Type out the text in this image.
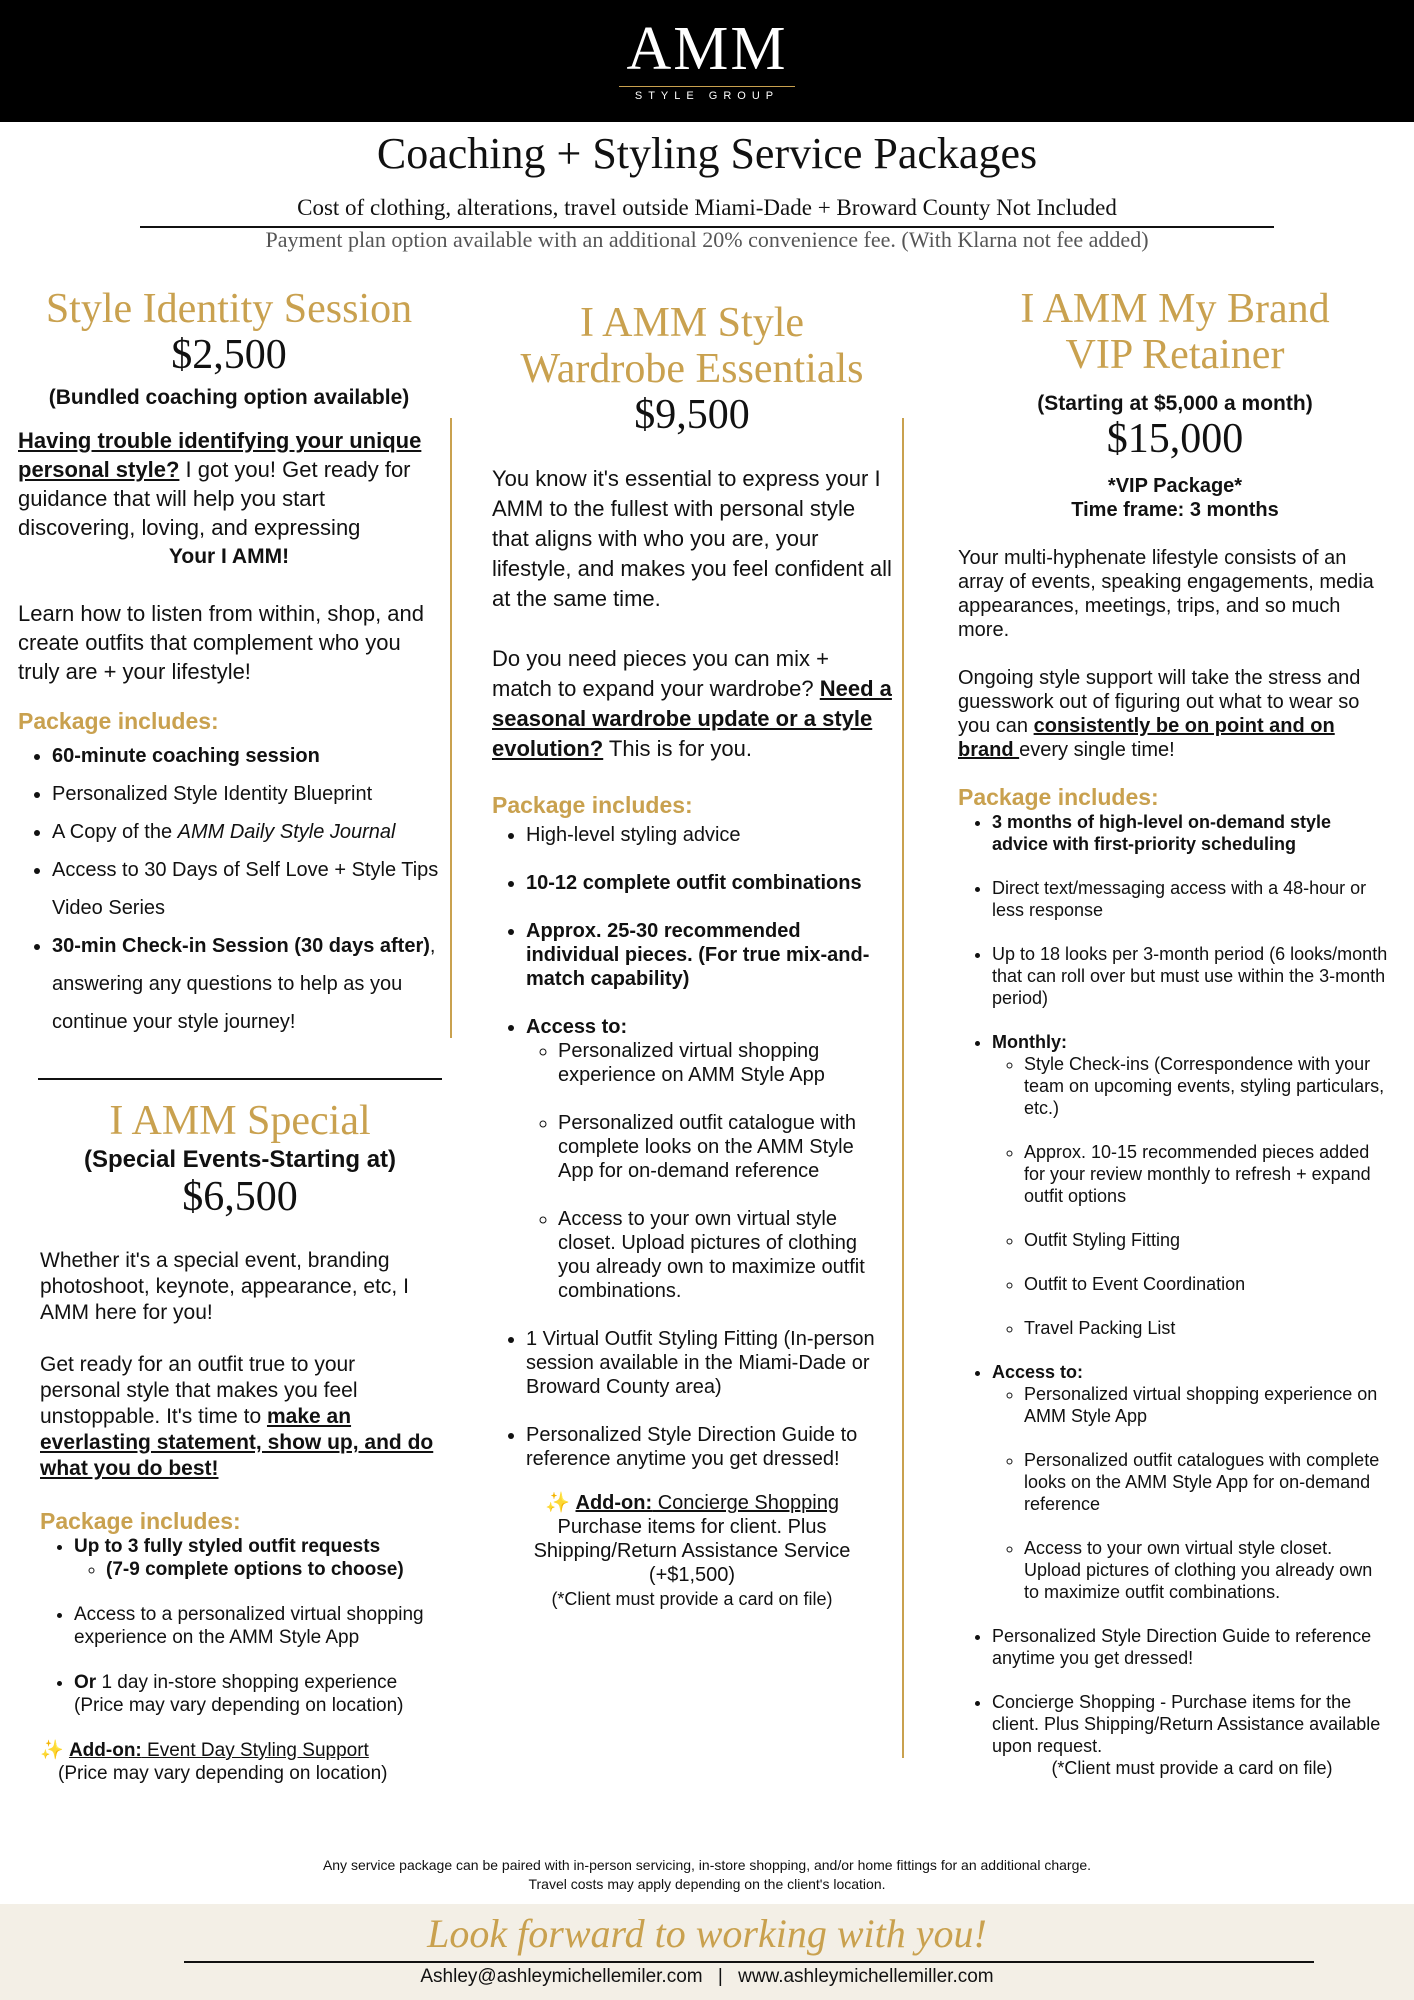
AMM
STYLE GROUP
Coaching + Styling Service Packages
Cost of clothing, alterations, travel outside Miami-Dade + Broward County Not Included
Payment plan option available with an additional 20% convenience fee. (With Klarna not fee added)
Style Identity Session
$2,500
(Bundled coaching option available)

Having trouble identifying your unique personal style? I got you! Get ready for guidance that will help you start discovering, loving, and expressing

Your I AMM!

Learn how to listen from within, shop, and create outfits that complement who you truly are + your lifestyle!

Package includes:
• 60-minute coaching session
• Personalized Style Identity Blueprint
• A Copy of the AMM Daily Style Journal
• Access to 30 Days of Self Love + Style Tips Video Series
• 30-min Check-in Session (30 days after), answering any questions to help as you continue your style journey!
I AMM Special
(Special Events-Starting at)
$6,500

Whether it's a special event, branding photoshoot, keynote, appearance, etc, I AMM here for you!

Get ready for an outfit true to your personal style that makes you feel unstoppable. It's time to make an everlasting statement, show up, and do what you do best!

Package includes:
• Up to 3 fully styled outfit requests
◦ (7-9 complete options to choose)
• Access to a personalized virtual shopping experience on the AMM Style App
• Or 1 day in-store shopping experience (Price may vary depending on location)
✨ Add-on: Event Day Styling Support
(Price may vary depending on location)
I AMM Style Wardrobe Essentials
$9,500

You know it's essential to express your I AMM to the fullest with personal style that aligns with who you are, your lifestyle, and makes you feel confident all at the same time.

Do you need pieces you can mix + match to expand your wardrobe? Need a seasonal wardrobe update or a style evolution? This is for you.

Package includes:
• High-level styling advice
• 10-12 complete outfit combinations
• Approx. 25-30 recommended individual pieces. (For true mix-and-match capability)
• Access to:
◦ Personalized virtual shopping experience on AMM Style App
◦ Personalized outfit catalogue with complete looks on the AMM Style App for on-demand reference
◦ Access to your own virtual style closet. Upload pictures of clothing you already own to maximize outfit combinations.
• 1 Virtual Outfit Styling Fitting (In-person session available in the Miami-Dade or Broward County area)
• Personalized Style Direction Guide to reference anytime you get dressed!
✨ Add-on: Concierge Shopping
Purchase items for client. Plus Shipping/Return Assistance Service (+$1,500)
(*Client must provide a card on file)
I AMM My Brand VIP Retainer
(Starting at $5,000 a month)
$15,000
*VIP Package*
Time frame: 3 months

Your multi-hyphenate lifestyle consists of an array of events, speaking engagements, media appearances, meetings, trips, and so much more.

Ongoing style support will take the stress and guesswork out of figuring out what to wear so you can consistently be on point and on brand every single time!

Package includes:
• 3 months of high-level on-demand style advice with first-priority scheduling
• Direct text/messaging access with a 48-hour or less response
• Up to 18 looks per 3-month period (6 looks/month that can roll over but must use within the 3-month period)
• Monthly:
◦ Style Check-ins (Correspondence with your team on upcoming events, styling particulars, etc.)
◦ Approx. 10-15 recommended pieces added for your review monthly to refresh + expand outfit options
◦ Outfit Styling Fitting
◦ Outfit to Event Coordination
◦ Travel Packing List
• Access to:
◦ Personalized virtual shopping experience on AMM Style App
◦ Personalized outfit catalogues with complete looks on the AMM Style App for on-demand reference
◦ Access to your own virtual style closet. Upload pictures of clothing you already own to maximize outfit combinations.
• Personalized Style Direction Guide to reference anytime you get dressed!
• Concierge Shopping - Purchase items for the client. Plus Shipping/Return Assistance available upon request.
(*Client must provide a card on file)
Any service package can be paired with in-person servicing, in-store shopping, and/or home fittings for an additional charge.
Travel costs may apply depending on the client's location.
Look forward to working with you!
Ashley@ashleymichellemiler.com | www.ashleymichellemiller.com
